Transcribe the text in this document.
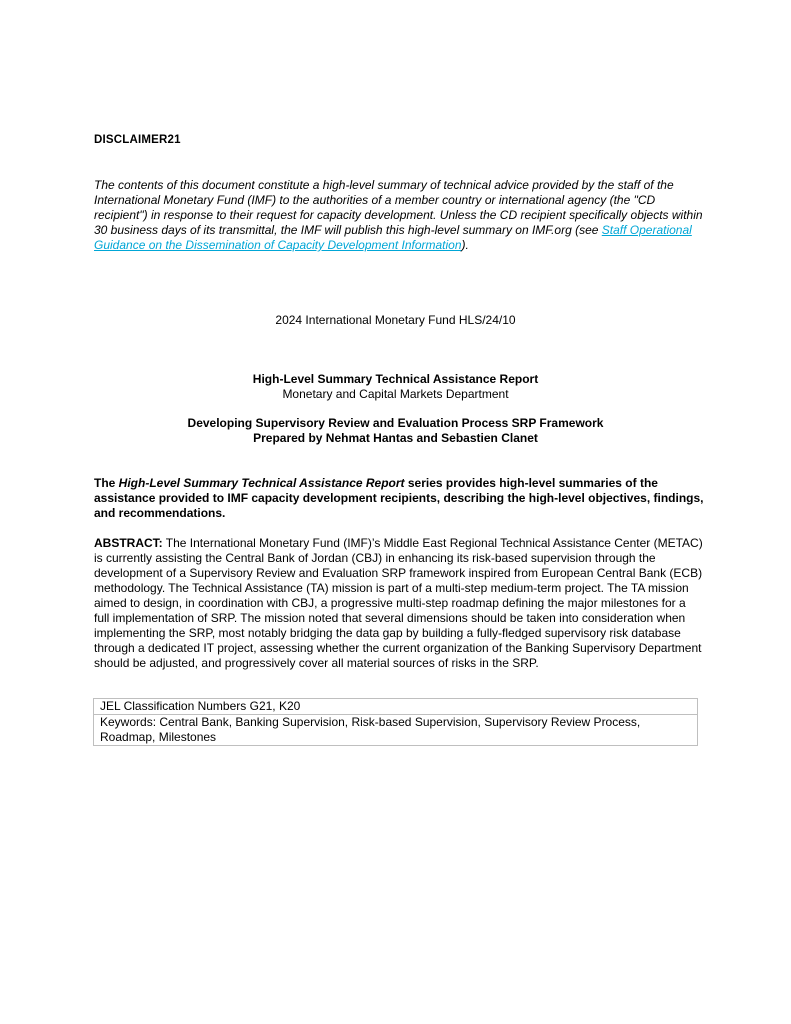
DISCLAIMER21
The contents of this document constitute a high-level summary of technical advice provided by the staff of the International Monetary Fund (IMF) to the authorities of a member country or international agency (the "CD recipient") in response to their request for capacity development. Unless the CD recipient specifically objects within 30 business days of its transmittal, the IMF will publish this high-level summary on IMF.org (see Staff Operational Guidance on the Dissemination of Capacity Development Information).
2024 International Monetary Fund HLS/24/10
High-Level Summary Technical Assistance Report
Monetary and Capital Markets Department
Developing Supervisory Review and Evaluation Process SRP Framework
Prepared by Nehmat Hantas and Sebastien Clanet
The High-Level Summary Technical Assistance Report series provides high-level summaries of the assistance provided to IMF capacity development recipients, describing the high-level objectives, findings, and recommendations.
ABSTRACT: The International Monetary Fund (IMF)’s Middle East Regional Technical Assistance Center (METAC) is currently assisting the Central Bank of Jordan (CBJ) in enhancing its risk-based supervision through the development of a Supervisory Review and Evaluation SRP framework inspired from European Central Bank (ECB) methodology. The Technical Assistance (TA) mission is part of a multi-step medium-term project. The TA mission aimed to design, in coordination with CBJ, a progressive multi-step roadmap defining the major milestones for a full implementation of SRP. The mission noted that several dimensions should be taken into consideration when implementing the SRP, most notably bridging the data gap by building a fully-fledged supervisory risk database through a dedicated IT project, assessing whether the current organization of the Banking Supervisory Department should be adjusted, and progressively cover all material sources of risks in the SRP.
JEL Classification Numbers G21, K20
Keywords: Central Bank, Banking Supervision, Risk-based Supervision, Supervisory Review Process, Roadmap, Milestones
